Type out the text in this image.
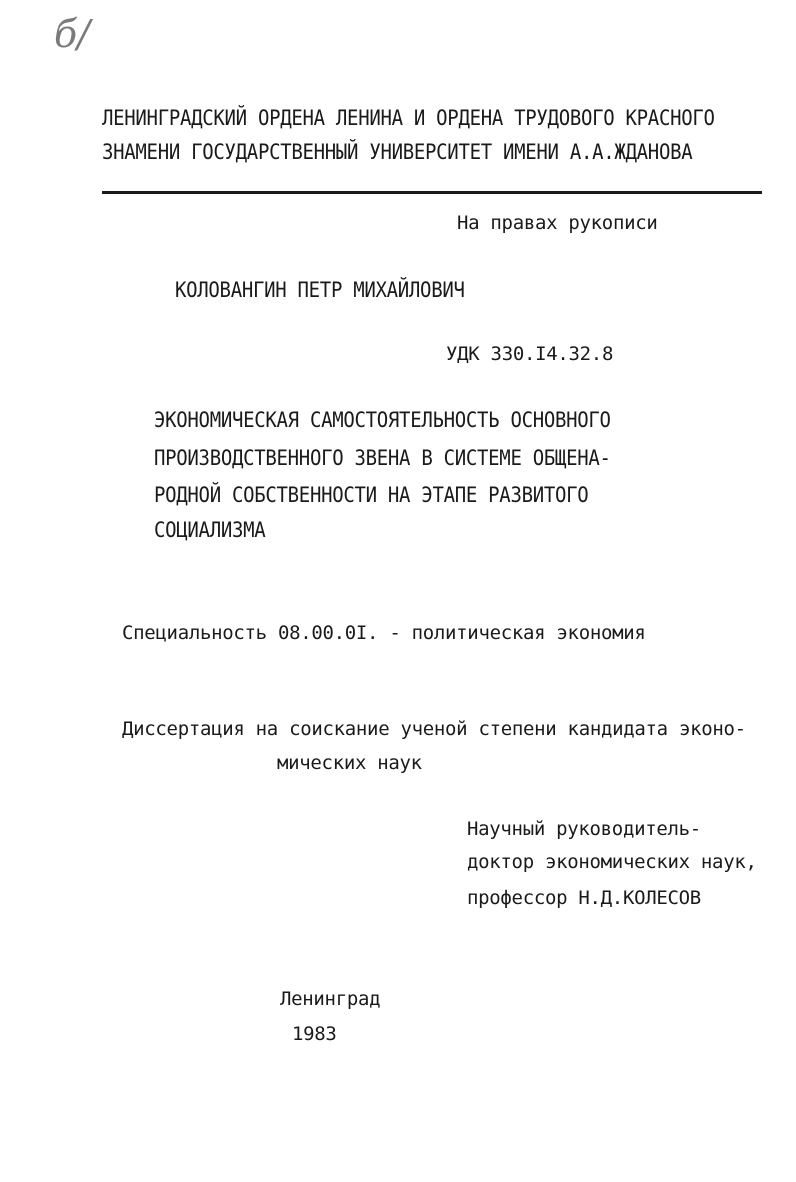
б/
ЛЕНИНГРАДСКИЙ ОРДЕНА ЛЕНИНА И ОРДЕНА ТРУДОВОГО КРАСНОГО
ЗНАМЕНИ ГОСУДАРСТВЕННЫЙ УНИВЕРСИТЕТ ИМЕНИ А.А.ЖДАНОВА
На правах рукописи
КОЛОВАНГИН ПЕТР МИХАЙЛОВИЧ
УДК 330.I4.32.8
ЭКОНОМИЧЕСКАЯ САМОСТОЯТЕЛЬНОСТЬ ОСНОВНОГО
ПРОИЗВОДСТВЕННОГО ЗВЕНА В СИСТЕМЕ ОБЩЕНА-
РОДНОЙ СОБСТВЕННОСТИ НА ЭТАПЕ РАЗВИТОГО
СОЦИАЛИЗМА
Специальность 08.00.0I. - политическая экономия
Диссертация на соискание ученой степени кандидата эконо-
мических наук
Научный руководитель-
доктор экономических наук,
профессор Н.Д.КОЛЕСОВ
Ленинград
1983
